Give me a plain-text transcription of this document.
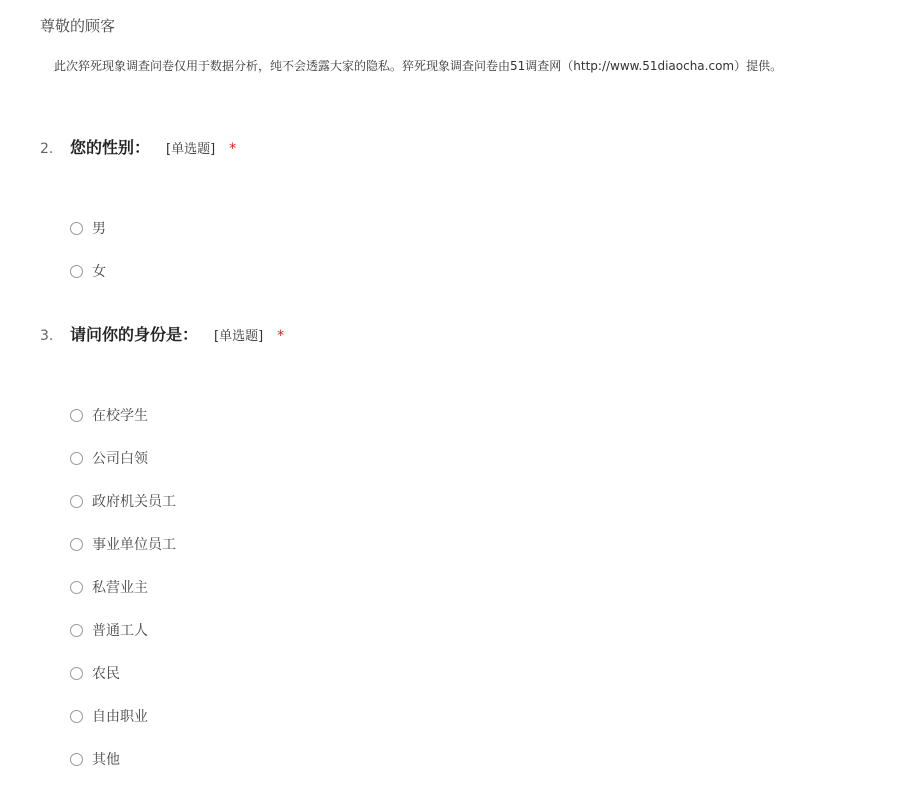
尊敬的顾客
此次猝死现象调查问卷仅用于数据分析，纯不会透露大家的隐私。猝死现象调查问卷由51调查网（http://www.51diaocha.com）提供。
2.	您的性别： [单选题] *
男
女
3.	请问你的身份是： [单选题] *
在校学生
公司白领
政府机关员工
事业单位员工
私营业主
普通工人
农民
自由职业
其他
